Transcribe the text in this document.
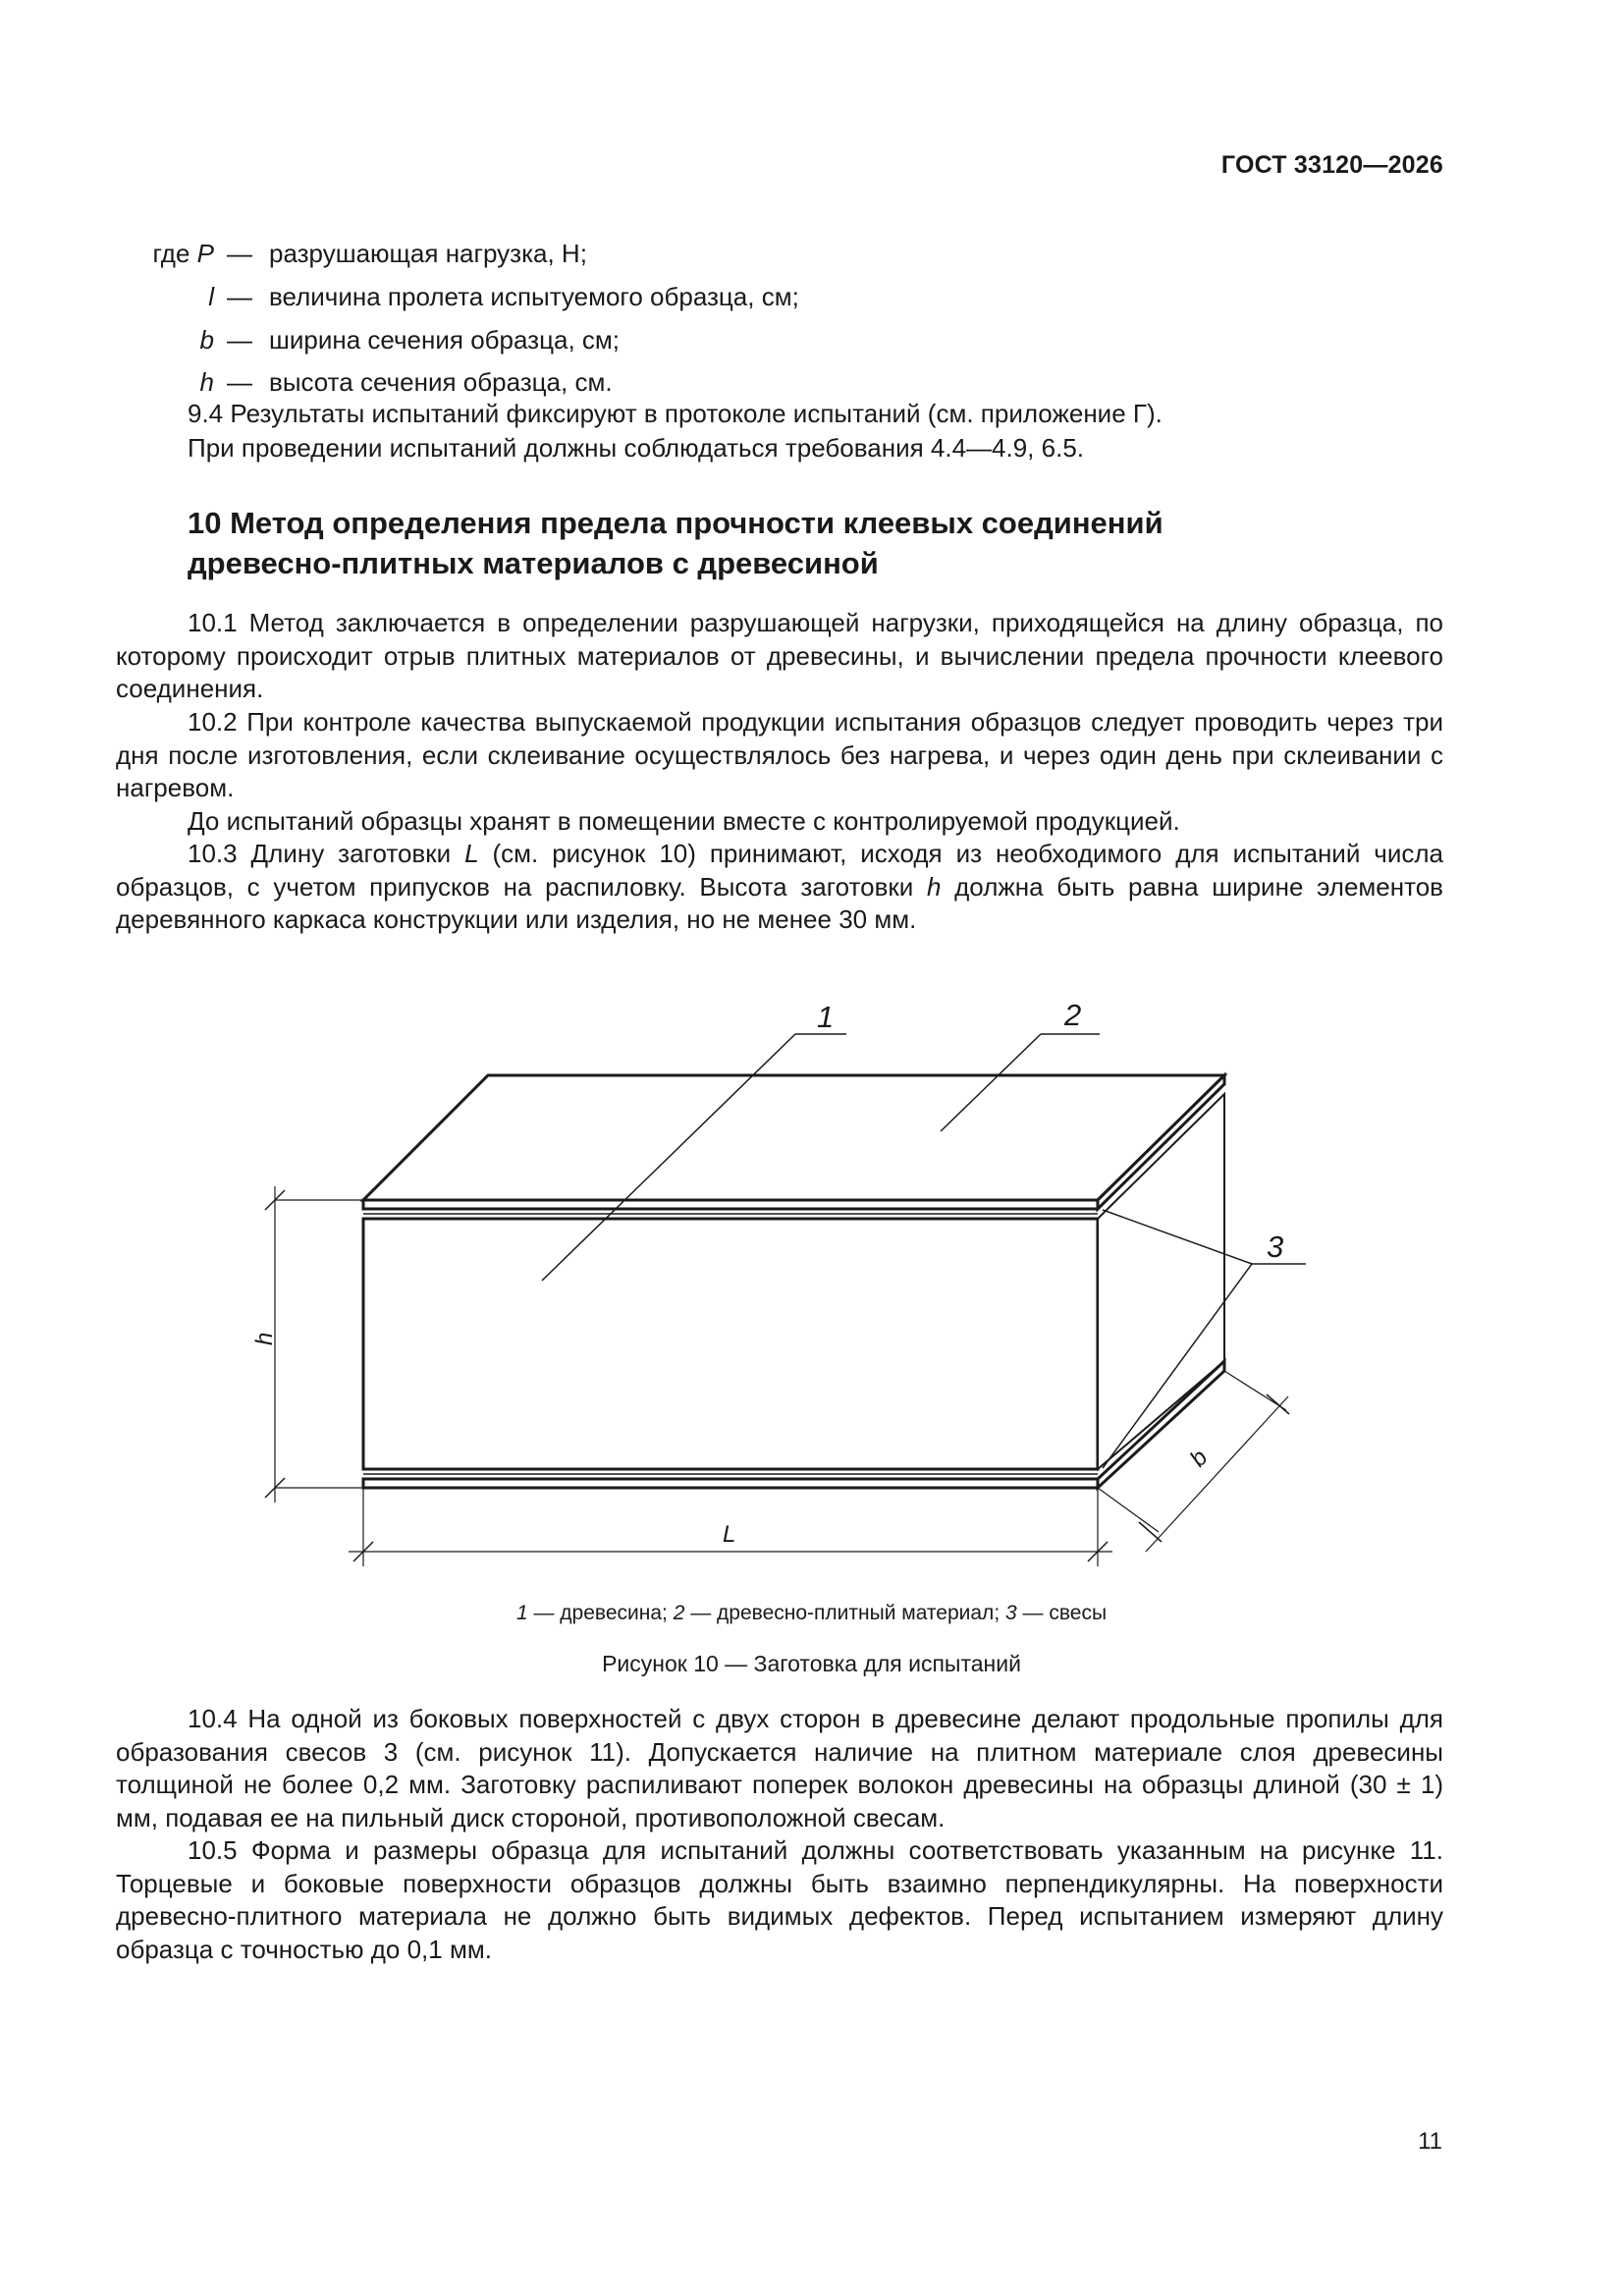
ГОСТ 33120—2026
где P — разрушающая нагрузка, Н;
l — величина пролета испытуемого образца, см;
b — ширина сечения образца, см;
h — высота сечения образца, см.
9.4 Результаты испытаний фиксируют в протоколе испытаний (см. приложение Г).
При проведении испытаний должны соблюдаться требования 4.4—4.9, 6.5.
10 Метод определения предела прочности клеевых соединений
древесно-плитных материалов с древесиной

10.1 Метод заключается в определении разрушающей нагрузки, приходящейся на длину образца, по которому происходит отрыв плитных материалов от древесины, и вычислении предела прочности клеевого соединения.

10.2 При контроле качества выпускаемой продукции испытания образцов следует проводить через три дня после изготовления, если склеивание осуществлялось без нагрева, и через один день при склеивании с нагревом.

До испытаний образцы хранят в помещении вместе с контролируемой продукцией.

10.3 Длину заготовки L (см. рисунок 10) принимают, исходя из необходимого для испытаний числа образцов, с учетом припусков на распиловку. Высота заготовки h должна быть равна ширине элементов деревянного каркаса конструкции или изделия, но не менее 30 мм.

1	2
3
h
L
b
1 — древесина; 2 — древесно-плитный материал; 3 — свесы
Рисунок 10 — Заготовка для испытаний

10.4 На одной из боковых поверхностей с двух сторон в древесине делают продольные пропилы для образования свесов 3 (см. рисунок 11). Допускается наличие на плитном материале слоя древесины толщиной не более 0,2 мм. Заготовку распиливают поперек волокон древесины на образцы длиной (30 ± 1) мм, подавая ее на пильный диск стороной, противоположной свесам.

10.5 Форма и размеры образца для испытаний должны соответствовать указанным на рисунке 11. Торцевые и боковые поверхности образцов должны быть взаимно перпендикулярны. На поверхности древесно-плитного материала не должно быть видимых дефектов. Перед испытанием измеряют длину образца с точностью до 0,1 мм.

11
